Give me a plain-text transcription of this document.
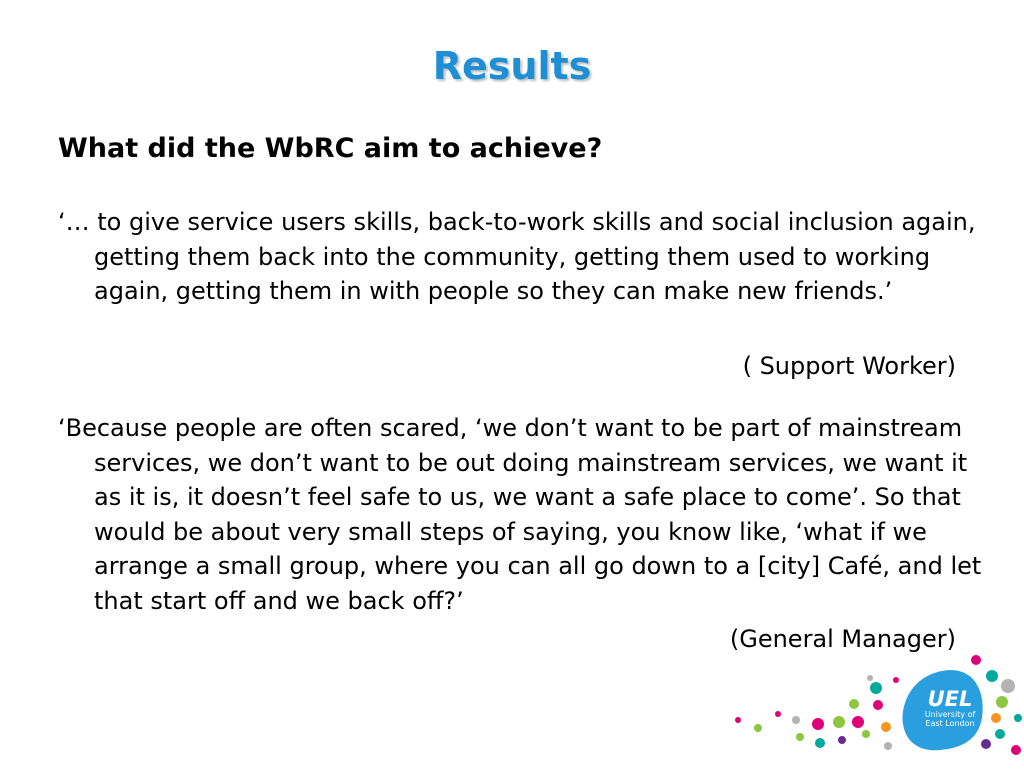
Results
What did the WbRC aim to achieve?

‘… to give service users skills, back-to-work skills and social inclusion again, getting them back into the community, getting them used to working again, getting them in with people so they can make new friends.’

( Support Worker)

‘Because people are often scared, ‘we don’t want to be part of mainstream services, we don’t want to be out doing mainstream services, we want it as it is, it doesn’t feel safe to us, we want a safe place to come’. So that would be about very small steps of saying, you know like, ‘what if we arrange a small group, where you can all go down to a [city] Café, and let that start off and we back off?’

(General Manager)

UEL
University of
East London
